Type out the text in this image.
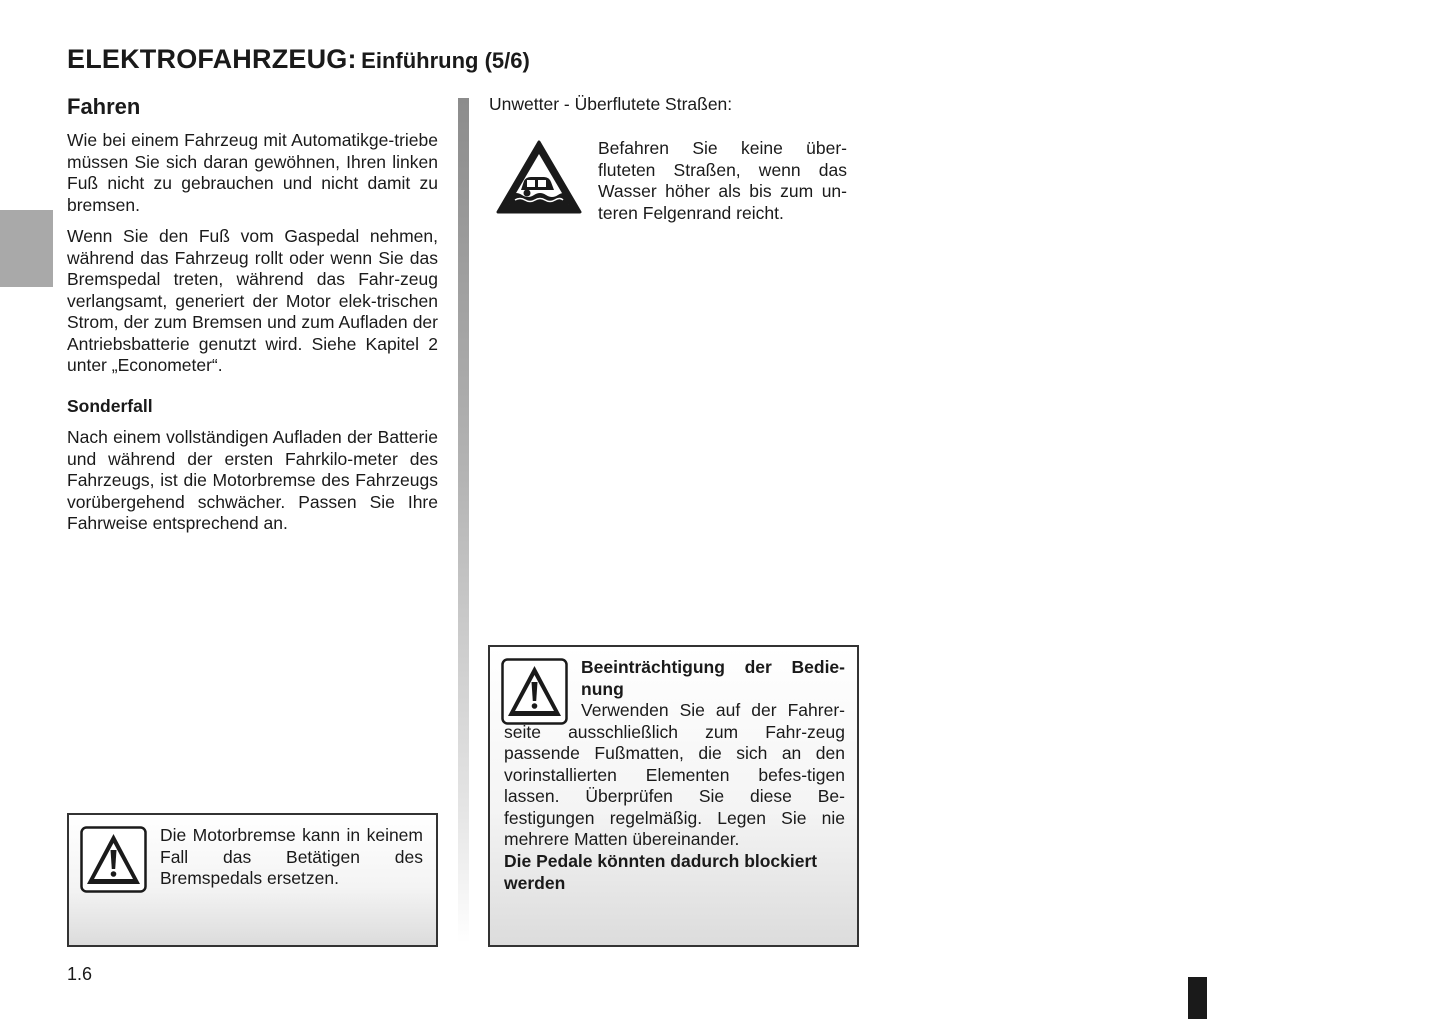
ELEKTROFAHRZEUG: Einführung (5/6)
Fahren
Wie bei einem Fahrzeug mit Automatikge-triebe müssen Sie sich daran gewöhnen, Ihren linken Fuß nicht zu gebrauchen und nicht damit zu bremsen.
Wenn Sie den Fuß vom Gaspedal nehmen, während das Fahrzeug rollt oder wenn Sie das Bremspedal treten, während das Fahr-zeug verlangsamt, generiert der Motor elek-trischen Strom, der zum Bremsen und zum Aufladen der Antriebsbatterie genutzt wird. Siehe Kapitel 2 unter „Econometer“.
Sonderfall
Nach einem vollständigen Aufladen der Batterie und während der ersten Fahrkilo-meter des Fahrzeugs, ist die Motorbremse des Fahrzeugs vorübergehend schwächer. Passen Sie Ihre Fahrweise entsprechend an.
Die Motorbremse kann in keinem Fall das Betätigen des Bremspedals ersetzen.
Unwetter - Überflutete Straßen:
Befahren Sie keine über-fluteten Straßen, wenn das Wasser höher als bis zum un-teren Felgenrand reicht.
Beeinträchtigung der Bedie-nung
Verwenden Sie auf der Fahrer-seite ausschließlich zum Fahr-zeug passende Fußmatten, die sich an den vorinstallierten Elementen befes-tigen lassen. Überprüfen Sie diese Be-festigungen regelmäßig. Legen Sie nie mehrere Matten übereinander.
Die Pedale könnten dadurch blockiert werden
1.6
